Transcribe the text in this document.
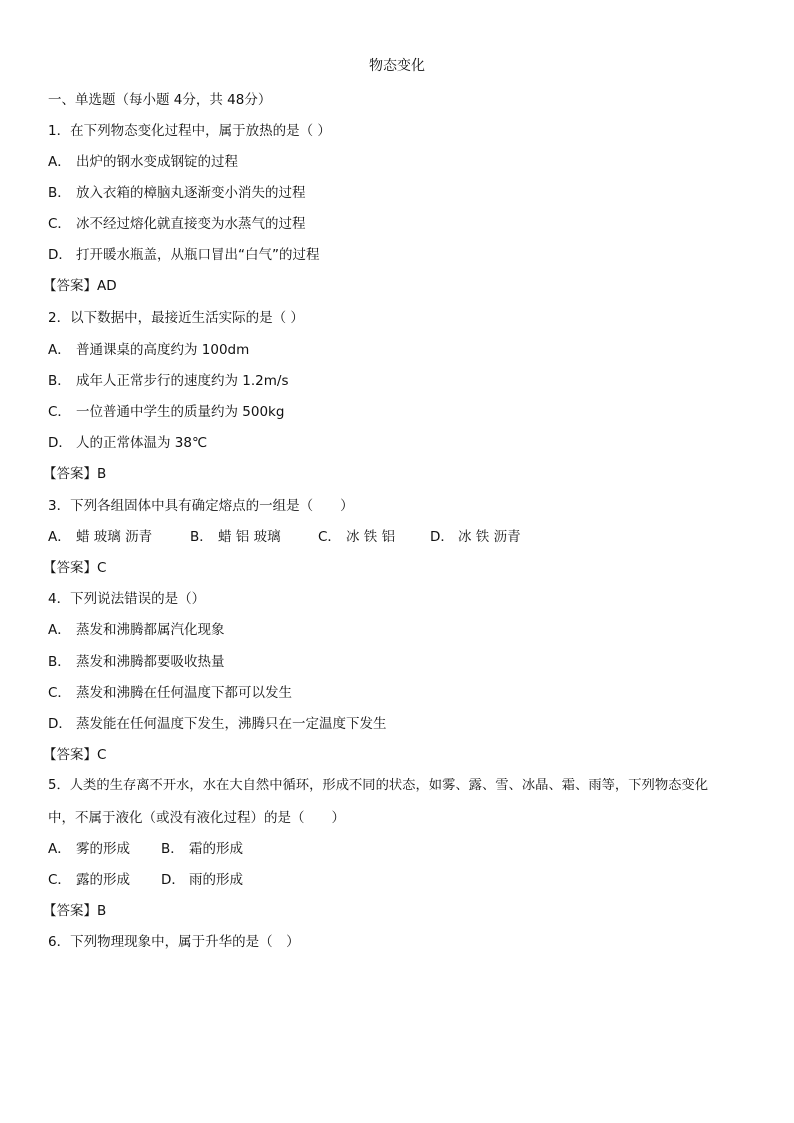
物态变化
一、单选题（每小题 4分，共 48分）
1．在下列物态变化过程中，属于放热的是（ ）
A． 出炉的钢水变成钢锭的过程
B． 放入衣箱的樟脑丸逐渐变小消失的过程
C． 冰不经过熔化就直接变为水蒸气的过程
D． 打开暖水瓶盖，从瓶口冒出“白气”的过程
【答案】AD
2．以下数据中，最接近生活实际的是（ ）
A． 普通课桌的高度约为 100dm
B． 成年人正常步行的速度约为 1.2m/s
C． 一位普通中学生的质量约为 500kg
D． 人的正常体温为 38℃
【答案】B
3．下列各组固体中具有确定熔点的一组是（　　）
A． 蜡 玻璃 沥青	B． 蜡 铝 玻璃	C． 冰 铁 铝	D． 冰 铁 沥青
【答案】C
4．下列说法错误的是（）
A． 蒸发和沸腾都属汽化现象
B． 蒸发和沸腾都要吸收热量
C． 蒸发和沸腾在任何温度下都可以发生
D． 蒸发能在任何温度下发生，沸腾只在一定温度下发生
【答案】C
5．人类的生存离不开水，水在大自然中循环，形成不同的状态，如雾、露、雪、冰晶、霜、雨等，下列物态变化
中，不属于液化（或没有液化过程）的是（　　）
A． 雾的形成 B． 霜的形成
C． 露的形成 D． 雨的形成
【答案】B
6．下列物理现象中，属于升华的是（　）
